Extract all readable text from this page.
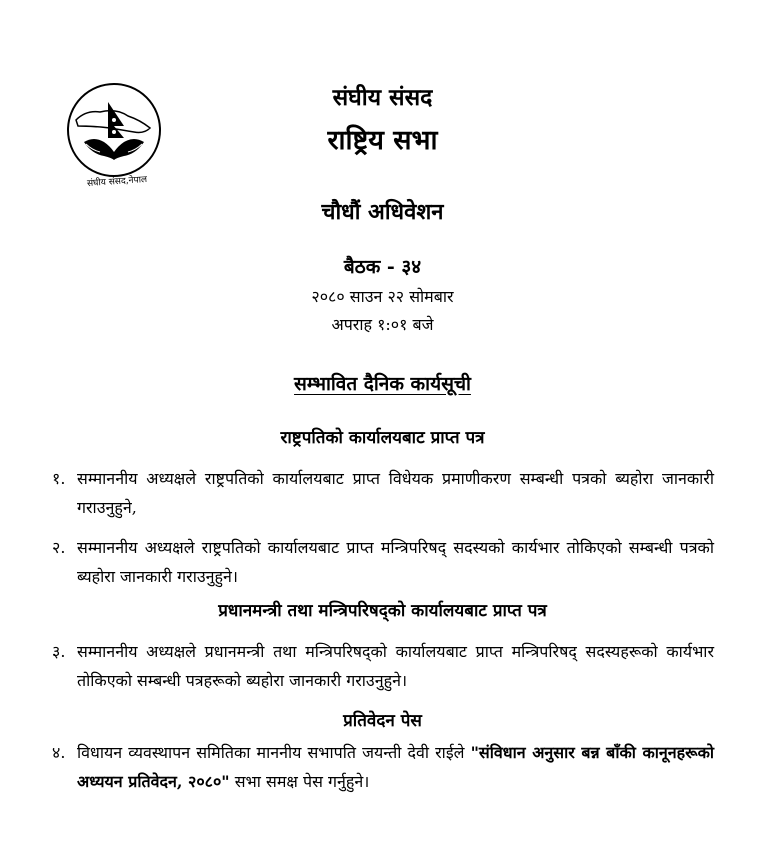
संघीय संसद,नेपाल
संघीय संसद
राष्ट्रिय सभा
चौधौं अधिवेशन
बैठक - ३४
२०८० साउन २२ सोमबार
अपराह १:०१ बजे
सम्भावित दैनिक कार्यसूची
राष्ट्रपतिको कार्यालयबाट प्राप्त पत्र
१. सम्माननीय अध्यक्षले राष्ट्रपतिको कार्यालयबाट प्राप्त विधेयक प्रमाणीकरण सम्बन्धी पत्रको ब्यहोरा जानकारी गराउनुहुने,
२. सम्माननीय अध्यक्षले राष्ट्रपतिको कार्यालयबाट प्राप्त मन्त्रिपरिषद् सदस्यको कार्यभार तोकिएको सम्बन्धी पत्रको ब्यहोरा जानकारी गराउनुहुने।
प्रधानमन्त्री तथा मन्त्रिपरिषद्को कार्यालयबाट प्राप्त पत्र
३. सम्माननीय अध्यक्षले प्रधानमन्त्री तथा मन्त्रिपरिषद्को कार्यालयबाट प्राप्त मन्त्रिपरिषद् सदस्यहरूको कार्यभार तोकिएको सम्बन्धी पत्रहरूको ब्यहोरा जानकारी गराउनुहुने।
प्रतिवेदन पेस
४. विधायन व्यवस्थापन समितिका माननीय सभापति जयन्ती देवी राईले "संविधान अनुसार बन्न बाँकी कानूनहरूको अध्ययन प्रतिवेदन, २०८०" सभा समक्ष पेस गर्नुहुने।
